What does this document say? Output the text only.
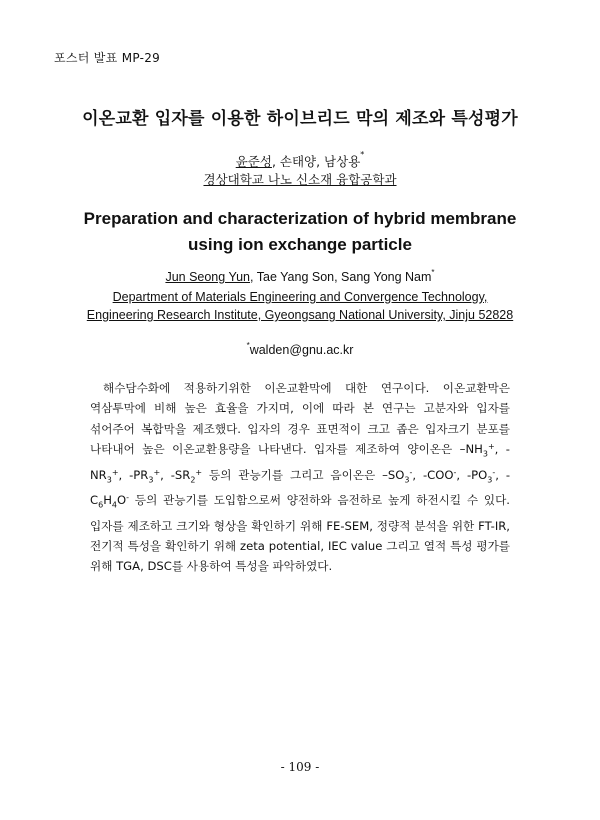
포스터 발표 MP-29
이온교환 입자를 이용한 하이브리드 막의 제조와 특성평가
윤준성, 손태양, 남상용*
경상대학교 나노 신소재 융합공학과
Preparation and characterization of hybrid membrane using ion exchange particle
Jun Seong Yun, Tae Yang Son, Sang Yong Nam*
Department of Materials Engineering and Convergence Technology,
Engineering Research Institute, Gyeongsang National University, Jinju 52828
*walden@gnu.ac.kr
해수담수화에 적용하기위한 이온교환막에 대한 연구이다. 이온교환막은 역삼투막에 비해 높은 효율을 가지며, 이에 따라 본 연구는 고분자와 입자를 섞어주어 복합막을 제조했다. 입자의 경우 표면적이 크고 좁은 입자크기 분포를 나타내어 높은 이온교환용량을 나타낸다. 입자를 제조하여 양이온은 $-NH_3^+$, $-NR_3^+$, $-PR_3^+$, $-SR_2^+$ 등의 관능기를 그리고 음이온은 $-SO_3^-$, -COO-, $-PO_3^-$, $-C_6H_4O^-$ 등의 관능기를 도입함으로써 양전하와 음전하로 높게 하전시킬 수 있다. 입자를 제조하고 크기와 형상을 확인하기 위해 FE-SEM, 정량적 분석을 위한 FT-IR, 전기적 특성을 확인하기 위해 zeta potential, IEC value 그리고 열적 특성 평가를 위해 TGA, DSC를 사용하여 특성을 파악하였다.
- 109 -
